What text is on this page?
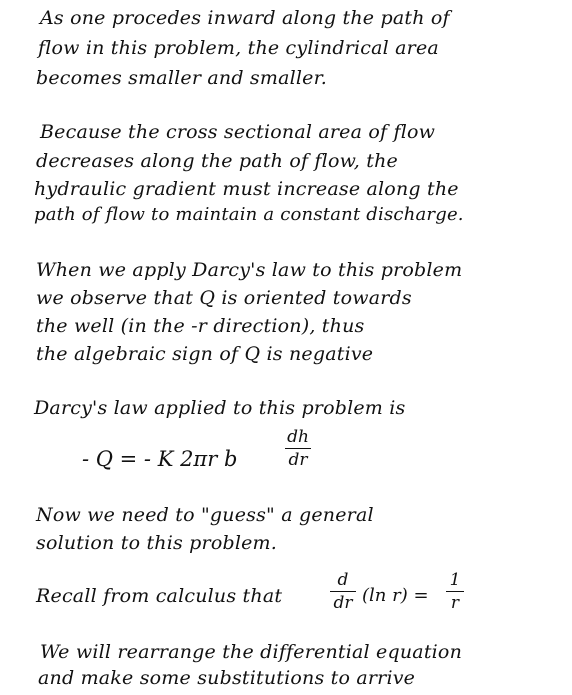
As one procedes inward along the path of
flow in this problem, the cylindrical area
becomes smaller and smaller.
Because the cross sectional area of flow
decreases along the path of flow, the
hydraulic gradient must increase along the
path of flow to maintain a constant discharge.
When we apply Darcy's law to this problem
we observe that Q is oriented towards
the well (in the -r direction), thus
the algebraic sign of Q is negative
Darcy's law applied to this problem is
- Q = - K 2πr b
dh
dr
Now we need to "guess" a general
solution to this problem.
Recall from calculus that
d
dr (ln r) =
1
r
We will rearrange the differential equation
and make some substitutions to arrive
